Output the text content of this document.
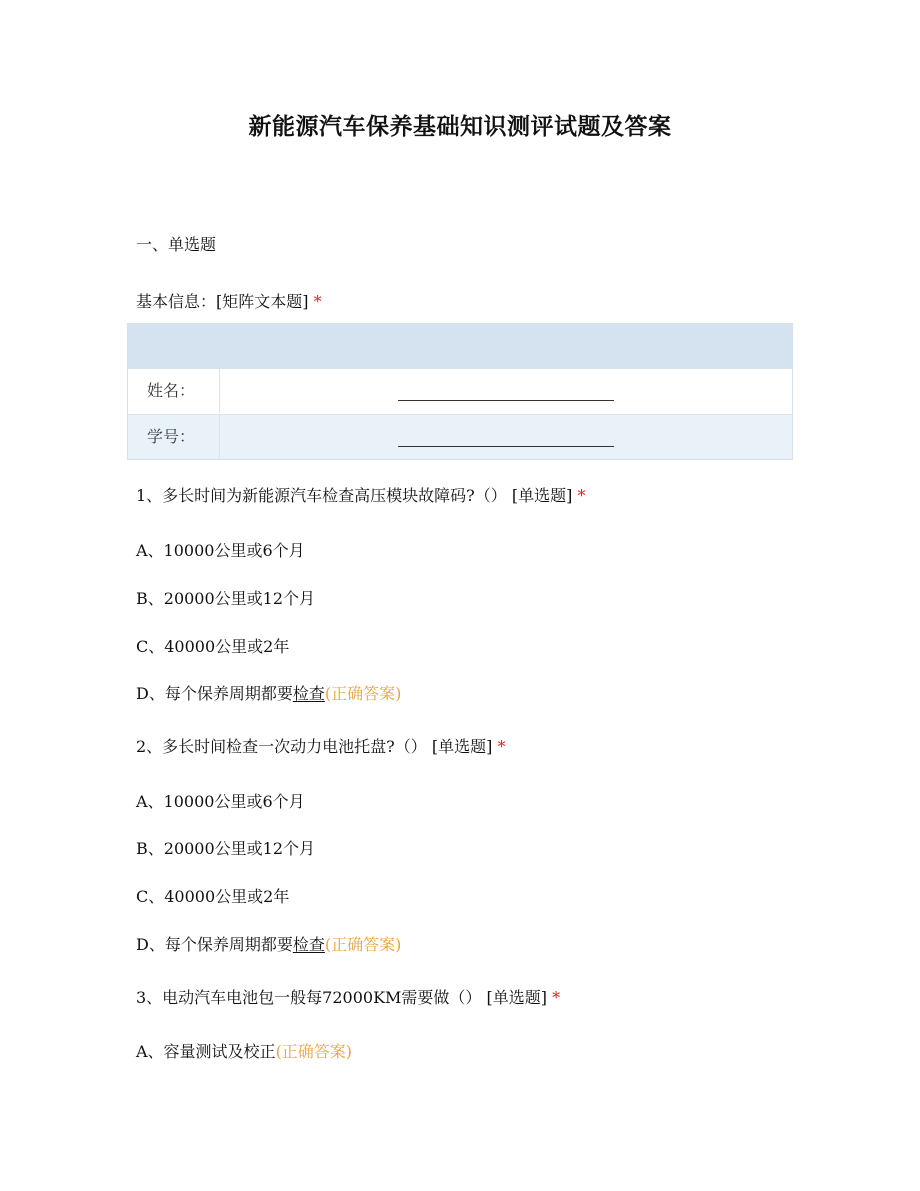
新能源汽车保养基础知识测评试题及答案
一、单选题
基本信息：[矩阵文本题] *
姓名：
学号：
1、多长时间为新能源汽车检查高压模块故障码?（） [单选题] *
A、10000公里或6个月
B、20000公里或12个月
C、40000公里或2年
D、每个保养周期都要检查(正确答案)
2、多长时间检查一次动力电池托盘?（） [单选题] *
A、10000公里或6个月
B、20000公里或12个月
C、40000公里或2年
D、每个保养周期都要检查(正确答案)
3、电动汽车电池包一般每72000KM需要做（） [单选题] *
A、容量测试及校正(正确答案)
